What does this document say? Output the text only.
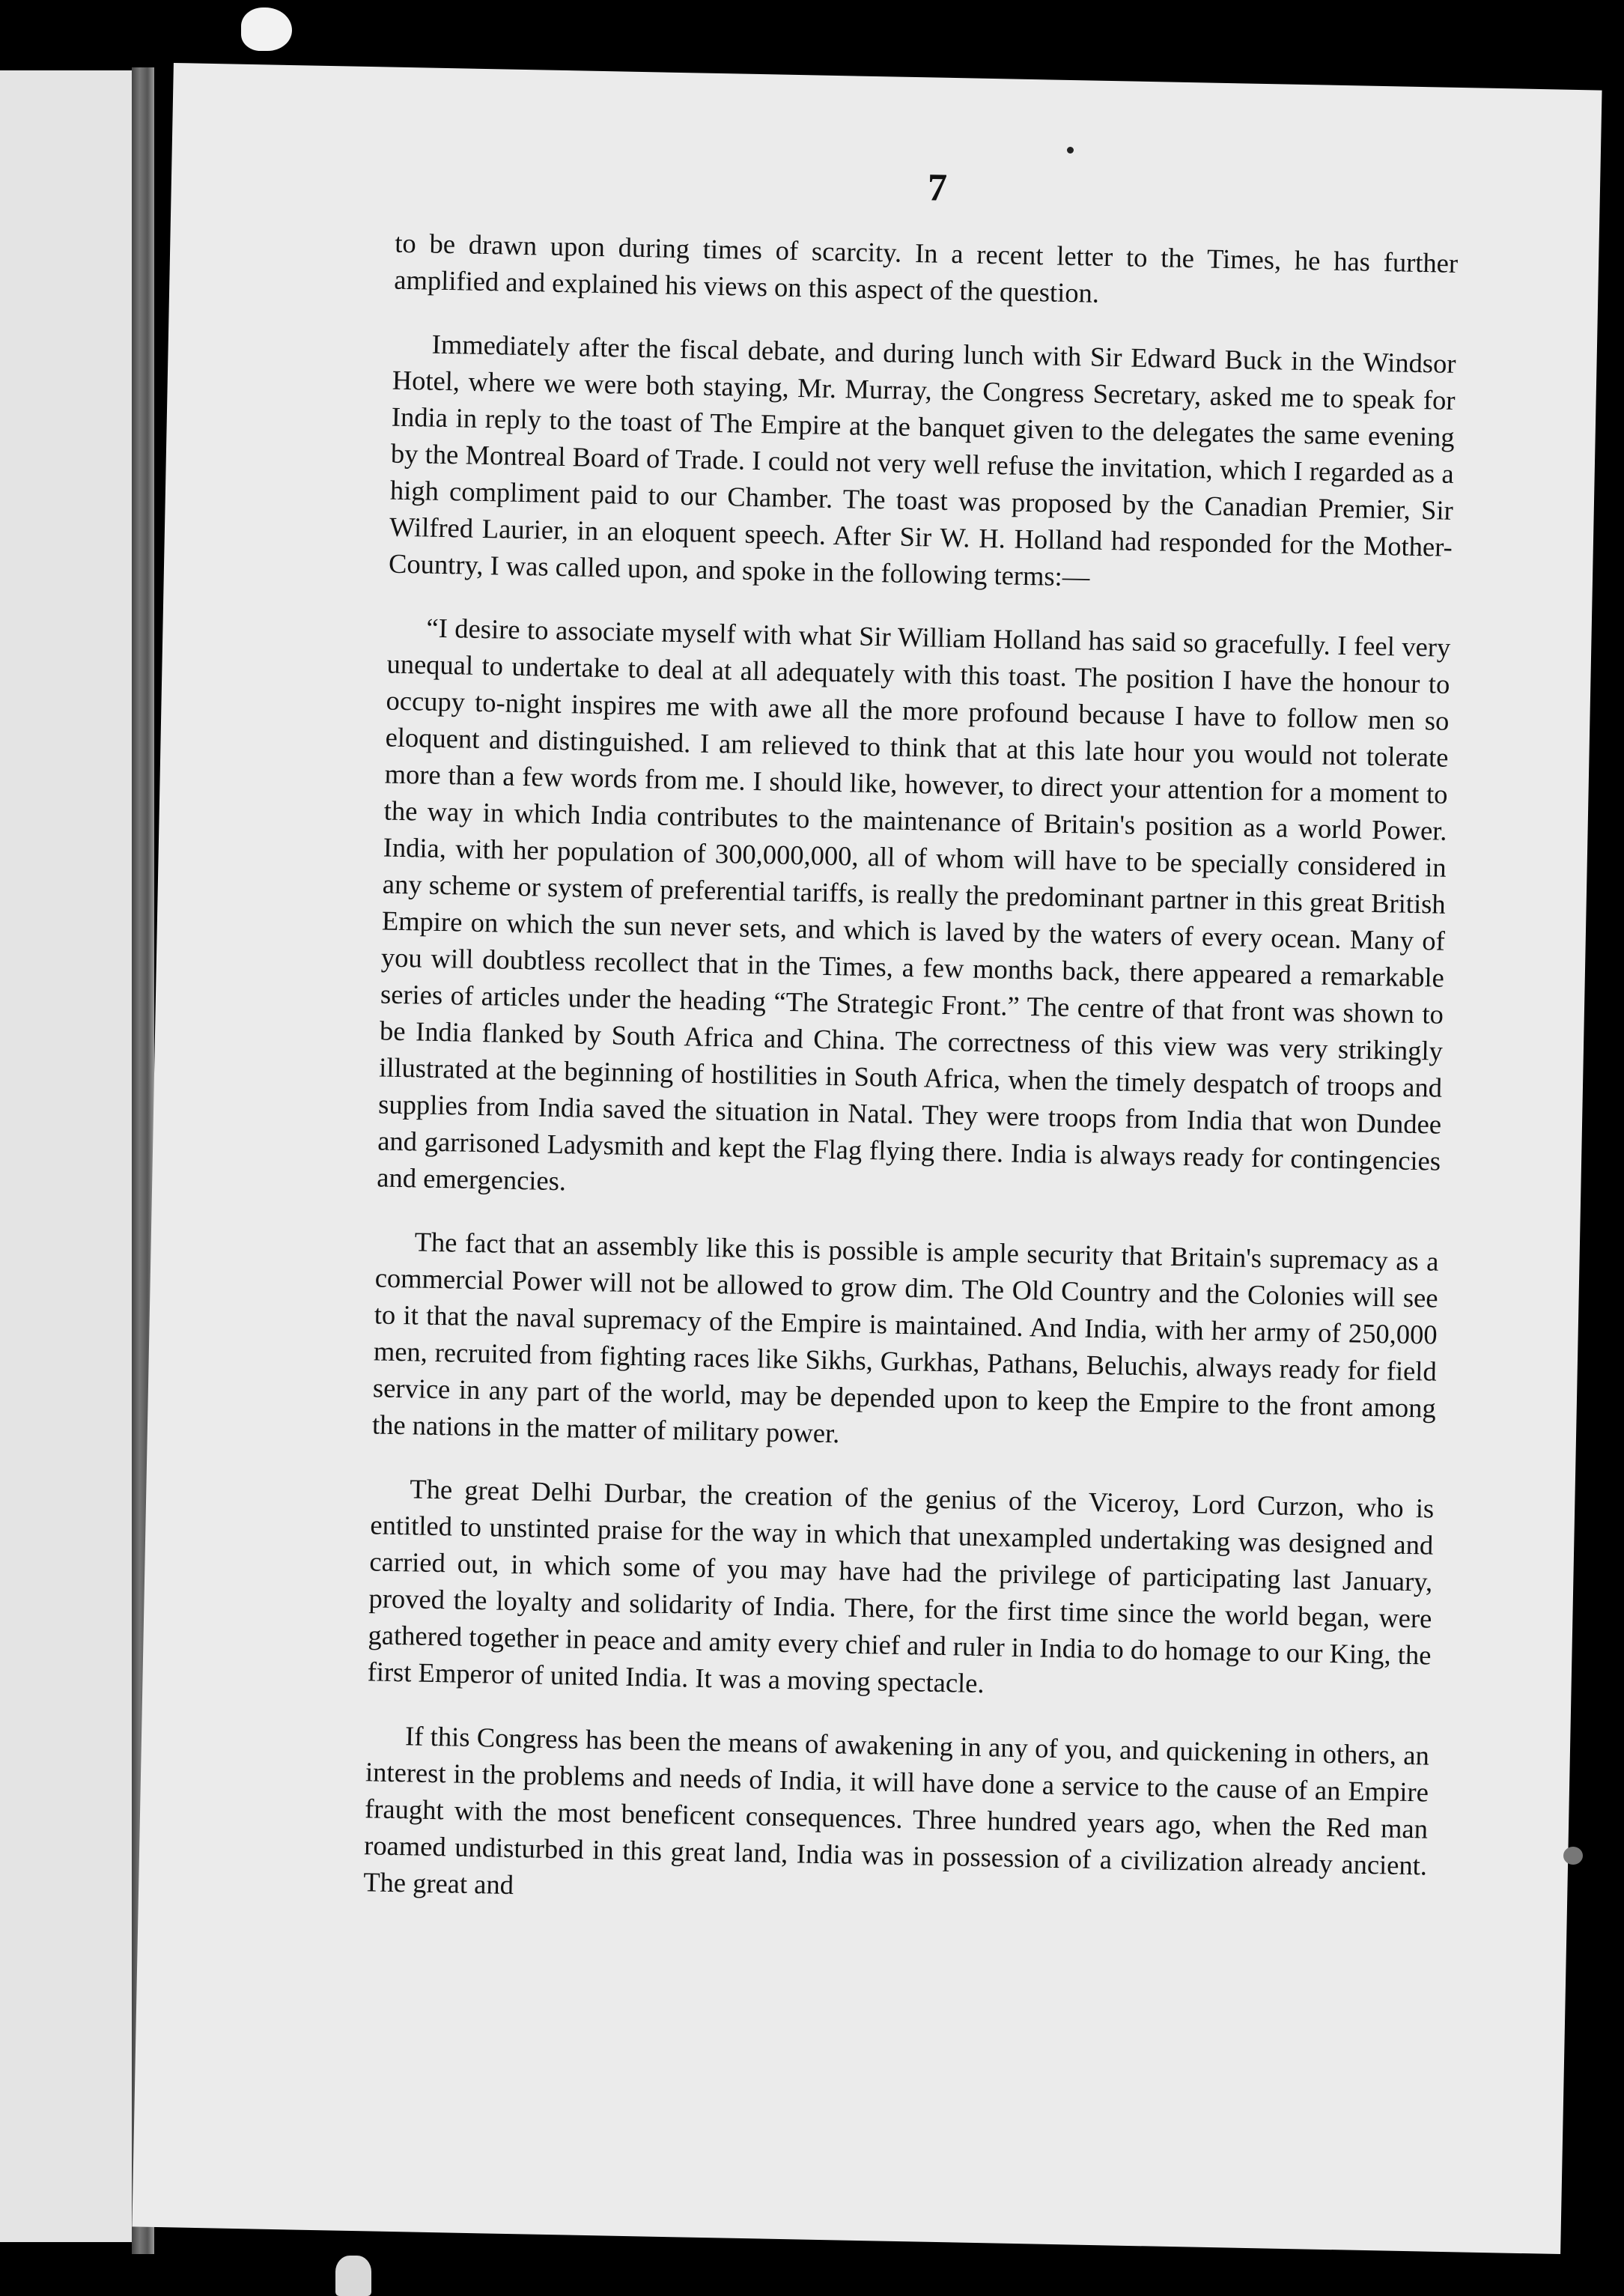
7

to be drawn upon during times of scarcity. In a recent letter to the Times, he has further amplified and explained his views on this aspect of the question.

Immediately after the fiscal debate, and during lunch with Sir Edward Buck in the Windsor Hotel, where we were both staying, Mr. Murray, the Congress Secretary, asked me to speak for India in reply to the toast of The Empire at the banquet given to the delegates the same evening by the Montreal Board of Trade. I could not very well refuse the invitation, which I regarded as a high compliment paid to our Chamber. The toast was proposed by the Canadian Premier, Sir Wilfred Laurier, in an eloquent speech. After Sir W. H. Holland had responded for the Mother-Country, I was called upon, and spoke in the following terms:—

“I desire to associate myself with what Sir William Holland has said so gracefully. I feel very unequal to undertake to deal at all adequately with this toast. The position I have the honour to occupy to-night inspires me with awe all the more profound because I have to follow men so eloquent and distinguished. I am relieved to think that at this late hour you would not tolerate more than a few words from me. I should like, however, to direct your attention for a moment to the way in which India contributes to the maintenance of Britain's position as a world Power. India, with her population of 300,000,000, all of whom will have to be specially considered in any scheme or system of preferential tariffs, is really the predominant partner in this great British Empire on which the sun never sets, and which is laved by the waters of every ocean. Many of you will doubtless recollect that in the Times, a few months back, there appeared a remarkable series of articles under the heading “The Strategic Front.” The centre of that front was shown to be India flanked by South Africa and China. The correctness of this view was very strikingly illustrated at the beginning of hostilities in South Africa, when the timely despatch of troops and supplies from India saved the situation in Natal. They were troops from India that won Dundee and garrisoned Ladysmith and kept the Flag flying there. India is always ready for contingencies and emergencies.

The fact that an assembly like this is possible is ample security that Britain's supremacy as a commercial Power will not be allowed to grow dim. The Old Country and the Colonies will see to it that the naval supremacy of the Empire is maintained. And India, with her army of 250,000 men, recruited from fighting races like Sikhs, Gurkhas, Pathans, Beluchis, always ready for field service in any part of the world, may be depended upon to keep the Empire to the front among the nations in the matter of military power.

The great Delhi Durbar, the creation of the genius of the Viceroy, Lord Curzon, who is entitled to unstinted praise for the way in which that unexampled undertaking was designed and carried out, in which some of you may have had the privilege of participating last January, proved the loyalty and solidarity of India. There, for the first time since the world began, were gathered together in peace and amity every chief and ruler in India to do homage to our King, the first Emperor of united India. It was a moving spectacle.

If this Congress has been the means of awakening in any of you, and quickening in others, an interest in the problems and needs of India, it will have done a service to the cause of an Empire fraught with the most beneficent consequences. Three hundred years ago, when the Red man roamed undisturbed in this great land, India was in possession of a civilization already ancient. The great and
